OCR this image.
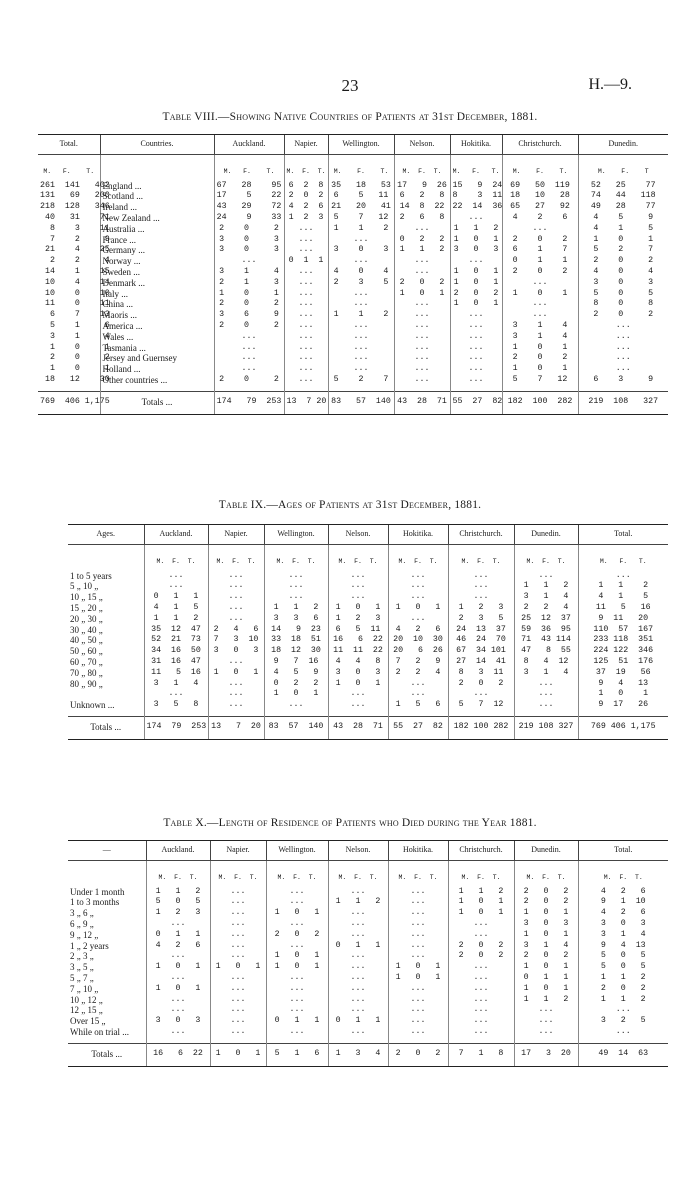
23	H.—9.
Table VIII.—Showing Native Countries of Patients at 31st December, 1881.
Total.	Countries.	Auckland.	Napier.	Wellington.	Nelson.	Hokitika.	Christchurch.	Dunedin.
M.   F.    T.		M.   F.    T.	M.  F.  T.	M.    F.    T.	M.  F.  T.	M.   F.   T.	M.    F.    T.	M.    F.    T
261  141   402	England ...	67   28    95	6  2  8	35   18   53	17   9  26	15   9  24	69   50  119	52   25    77
131   69   200	Scotland ...	17    5    22	2  0  2	6    5   11	6   2   8	8    3  11	18   10   28	74   44   118
218  128   346	Ireland ...	43   29    72	4  2  6	21   20   41	14  8  22	22  14  36	65   27   92	49   28    77
40   31    71	New Zealand ...	24    9    33	1  2  3	5    7   12	2   6   8	...	4    2    6	4    5     9
8    3    11	Australia ...	2    0     2	...	1    1    2	...	1   1   2	...	4    1     5
7    2     9	France ...	3    0     3	...	...	0   2   2	1   0   1	2    0    2	1    0     1
21    4    25	Germany ...	3    0     3	...	3    0    3	1   1   2	3   0   3	6    1    7	5    2     7
2    2     4	Norway ...	...	0  1  1	...	...	...	0    1    1	2    0     2
14    1    15	Sweden ...	3    1     4	...	4    0    4	...	1   0   1	2    0    2	4    0     4
10    4    14	Denmark ...	2    1     3	...	2    3    5	2   0   2	1   0   1	...	3    0     3
10    0    10	Italy ...	1    0     1	...	...	1   0   1	2   0   2	1    0    1	5    0     5
11    0    11	China ...	2    0     2	...	...	...	1   0   1	...	8    0     8
6    7    13	Maoris ...	3    6     9	...	1    1    2	...	...	...	2    0     2
5    1     6	America ...	2    0     2	...	...	...	...	3    1    4	...
3    1     4	Wales ...	...	...	...	...	...	3    1    4	...
1    0     1	Tasmania ...	...	...	...	...	...	1    0    1	...
2    0     2	Jersey and Guernsey	...	...	...	...	...	2    0    2	...
1    0     1	Holland ...	...	...	...	...	...	1    0    1	...
18   12    30	Other countries ...	2    0     2	...	5    2    7	...	...	5    7   12	6    3     9

769  406 1,175	Totals ...	174   79  253	13  7 20	83   57  140	43  28  71	55  27  82	182  100  282	219  108   327
Table IX.—Ages of Patients at 31st December, 1881.
Ages.	Auckland.	Napier.	Wellington.	Nelson.	Hokitika.	Christchurch.	Dunedin.	Total.
	M.  F.  T.	M.  F.  T.	M.  F.  T.	M.  F.  T.	M.  F.  T.	M.  F.  T.	M.  F.  T.	M.   F.   T.
1 to 5 years	...	...	...	...	...	...	...	...
5 „ 10 „	...	...	...	...	...	...	1   1   2	1   1    2
10 „ 15 „	0   1   1	...	...	...	...	...	3   1   4	4   1    5
15 „ 20 „	4   1   5	...	1   1   2	1   0   1	1   0   1	1   2   3	2   2   4	11   5   16
20 „ 30 „	1   1   2	...	3   3   6	1   2   3	...	2   3   5	25  12  37	9  11   20
30 „ 40 „	35  12  47	2   4   6	14   9  23	6   5  11	4   2   6	24  13  37	59  36  95	110  57  167
40 „ 50 „	52  21  73	7   3  10	33  18  51	16   6  22	20  10  30	46  24  70	71  43 114	233 118  351
50 „ 60 „	34  16  50	3   0   3	18  12  30	11  11  22	20   6  26	67  34 101	47   8  55	224 122  346
60 „ 70 „	31  16  47	...	9   7  16	4   4   8	7   2   9	27  14  41	8   4  12	125  51  176
70 „ 80 „	11   5  16	1   0   1	4   5   9	3   0   3	2   2   4	8   3  11	3   1   4	37  19   56
80 „ 90 „	3   1   4	...	0   2   2	1   0   1	...	2   0   2	...	9   4   13
	...	...	1   0   1	...	...	...	...	1   0    1
Unknown ...	3   5   8	...	...	...	1   5   6	5   7  12	...	9  17   26

Totals ...	174  79  253	13   7  20	83  57  140	43  28  71	55  27  82	182 100 282	219 108 327	769 406 1,175
Table X.—Length of Residence of Patients who Died during the Year 1881.
—	Auckland.	Napier.	Wellington.	Nelson.	Hokitika.	Christchurch.	Dunedin.	Total.
	M.  F.  T.	M.  F.  T.	M.  F.  T.	M.  F.  T.	M.  F.  T.	M.  F.  T.	M.  F.  T.	M.  F.  T.
Under 1 month	1   1   2	...	...	...	...	1   1   2	2   0   2	4   2   6
1 to 3 months	5   0   5	...	...	1   1   2	...	1   0   1	2   0   2	9   1  10
3 „ 6 „	1   2   3	...	1   0   1	...	...	1   0   1	1   0   1	4   2   6
6 „ 9 „	...	...	...	...	...	...	3   0   3	3   0   3
9 „ 12 „	0   1   1	...	2   0   2	...	...	...	1   0   1	3   1   4
1 „ 2 years	4   2   6	...	...	0   1   1	...	2   0   2	3   1   4	9   4  13
2 „ 3 „	...	...	1   0   1	...	...	2   0   2	2   0   2	5   0   5
3 „ 5 „	1   0   1	1   0   1	1   0   1	...	1   0   1	...	1   0   1	5   0   5
5 „ 7 „	...	...	...	...	1   0   1	...	0   1   1	1   1   2
7 „ 10 „	1   0   1	...	...	...	...	...	1   0   1	2   0   2
10 „ 12 „	...	...	...	...	...	...	1   1   2	1   1   2
12 „ 15 „	...	...	...	...	...	...	...	...
Over 15 „	3   0   3	...	0   1   1	0   1   1	...	...	...	3   2   5
While on trial ...	...	...	...	...	...	...	...	...

Totals ...	16   6  22	1   0   1	5   1   6	1   3   4	2   0   2	7   1   8	17   3  20	49  14  63
